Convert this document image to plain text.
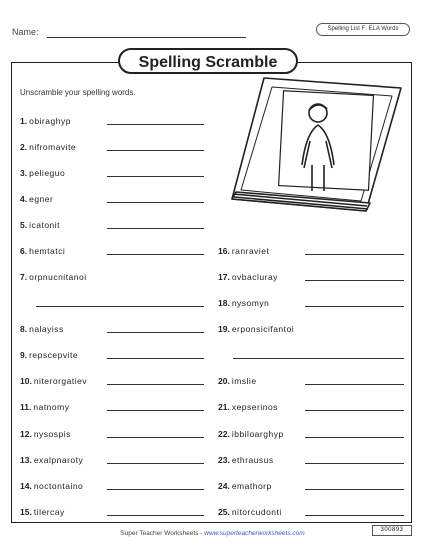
Name:	Spelling List F: ELA Words
Spelling Scramble
Unscramble your spelling words.
1. obiraghyp
2. nifromavite
3. pelieguo
4. egner
5. icatonit
6. hemtatci
7. orpnucnitanoi
8. nalayiss
9. repscepvite
10. niterorgatiev
11. natnomy
12. nysospis
13. exalpnaroty
14. noctontaino
15. tilercay
16. ranraviet
17. ovbacluray
18. nysomyn
19. erponsicifantoi
20. imslie
21. xepserinos
22. ibbiloarghyp
23. ethrausus
24. emathorp
25. nitorcudonti
Super Teacher Worksheets - www.superteacherworksheets.com	300893
